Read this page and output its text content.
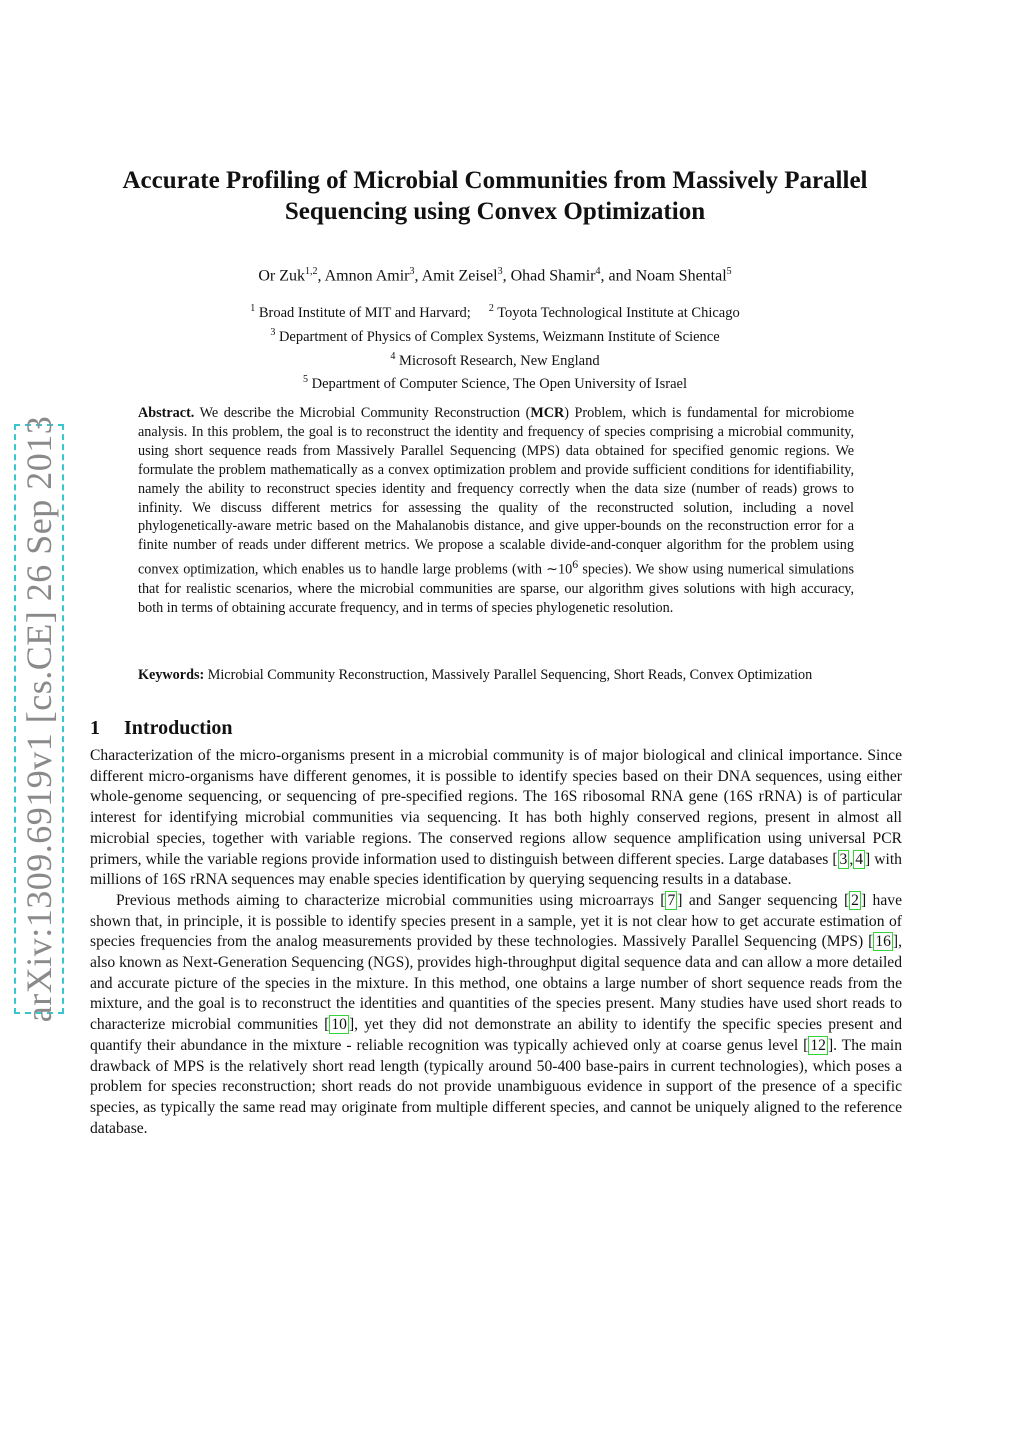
arXiv:1309.6919v1 [cs.CE] 26 Sep 2013
Accurate Profiling of Microbial Communities from Massively Parallel Sequencing using Convex Optimization
Or Zuk$^{1,2}$, Amnon Amir$^3$, Amit Zeisel$^3$, Ohad Shamir$^4$, and Noam Shental$^5$
$^1$ Broad Institute of MIT and Harvard; $^2$ Toyota Technological Institute at Chicago
$^3$ Department of Physics of Complex Systems, Weizmann Institute of Science
$^4$ Microsoft Research, New England
$^5$ Department of Computer Science, The Open University of Israel
Abstract. We describe the Microbial Community Reconstruction (MCR) Problem, which is fundamental for microbiome analysis. In this problem, the goal is to reconstruct the identity and frequency of species comprising a microbial community, using short sequence reads from Massively Parallel Sequencing (MPS) data obtained for specified genomic regions. We formulate the problem mathematically as a convex optimization problem and provide sufficient conditions for identifiability, namely the ability to reconstruct species identity and frequency correctly when the data size (number of reads) grows to infinity. We discuss different metrics for assessing the quality of the reconstructed solution, including a novel phylogenetically-aware metric based on the Mahalanobis distance, and give upper-bounds on the reconstruction error for a finite number of reads under different metrics. We propose a scalable divide-and-conquer algorithm for the problem using convex optimization, which enables us to handle large problems (with $\sim 10^6$ species). We show using numerical simulations that for realistic scenarios, where the microbial communities are sparse, our algorithm gives solutions with high accuracy, both in terms of obtaining accurate frequency, and in terms of species phylogenetic resolution.
Keywords: Microbial Community Reconstruction, Massively Parallel Sequencing, Short Reads, Convex Optimization
1 Introduction

Characterization of the micro-organisms present in a microbial community is of major biological and clinical importance. Since different micro-organisms have different genomes, it is possible to identify species based on their DNA sequences, using either whole-genome sequencing, or sequencing of pre-specified regions. The 16S ribosomal RNA gene (16S rRNA) is of particular interest for identifying microbial communities via sequencing. It has both highly conserved regions, present in almost all microbial species, together with variable regions. The conserved regions allow sequence amplification using universal PCR primers, while the variable regions provide information used to distinguish between different species. Large databases [ 3 , 4 ] with millions of 16S rRNA sequences may enable species identification by querying sequencing results in a database.

Previous methods aiming to characterize microbial communities using microarrays [ 7 ] and Sanger sequencing [ 2 ] have shown that, in principle, it is possible to identify species present in a sample, yet it is not clear how to get accurate estimation of species frequencies from the analog measurements provided by these technologies. Massively Parallel Sequencing (MPS) [ 16 ], also known as Next-Generation Sequencing (NGS), provides high-throughput digital sequence data and can allow a more detailed and accurate picture of the species in the mixture. In this method, one obtains a large number of short sequence reads from the mixture, and the goal is to reconstruct the identities and quantities of the species present. Many studies have used short reads to characterize microbial communities [ 10 ], yet they did not demonstrate an ability to identify the specific species present and quantify their abundance in the mixture - reliable recognition was typically achieved only at coarse genus level [ 12 ]. The main drawback of MPS is the relatively short read length (typically around 50-400 base-pairs in current technologies), which poses a problem for species reconstruction; short reads do not provide unambiguous evidence in support of the presence of a specific species, as typically the same read may originate from multiple different species, and cannot be uniquely aligned to the reference database.
